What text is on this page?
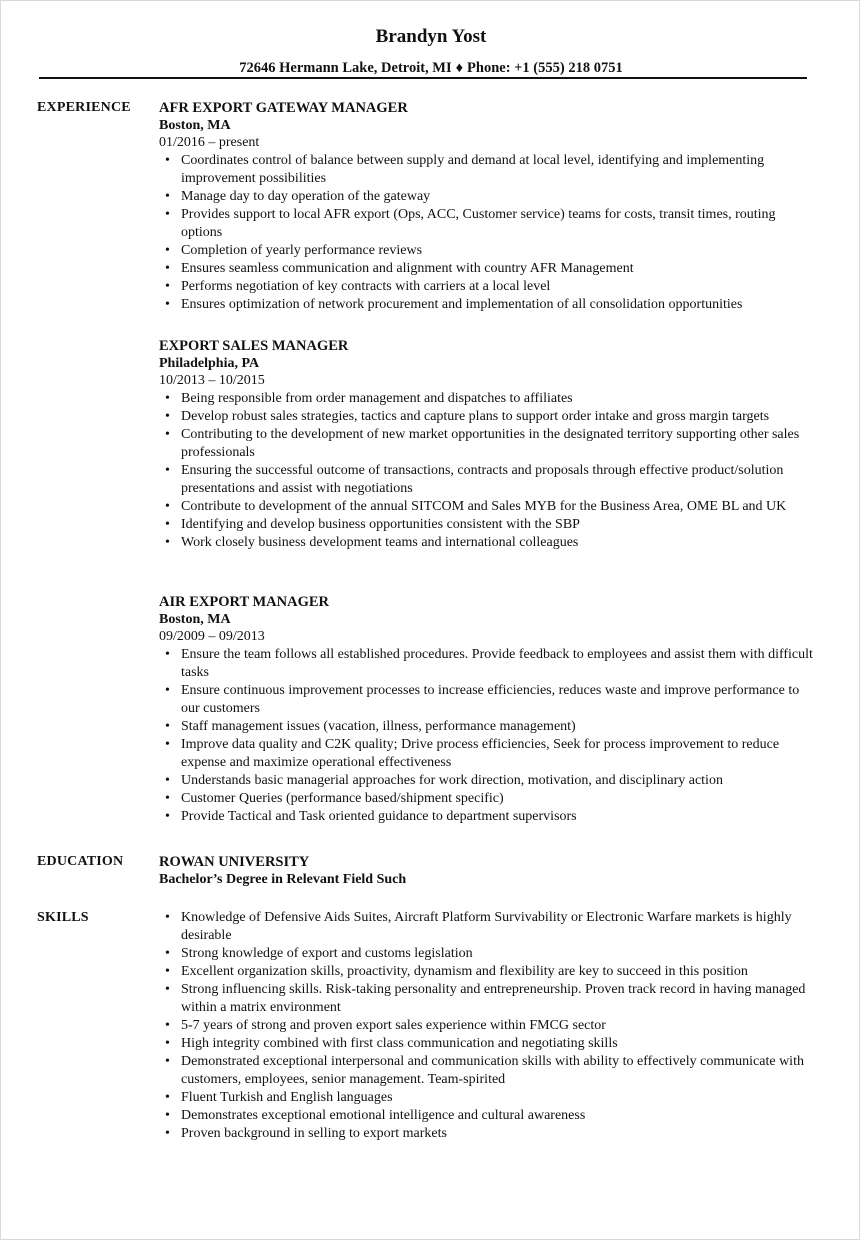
Brandyn Yost
72646 Hermann Lake, Detroit, MI ♦ Phone: +1 (555) 218 0751
EXPERIENCE AFR EXPORT GATEWAY MANAGER
Boston, MA
01/2016 – present
• Coordinates control of balance between supply and demand at local level, identifying and implementing improvement possibilities
• Manage day to day operation of the gateway
• Provides support to local AFR export (Ops, ACC, Customer service) teams for costs, transit times, routing options
• Completion of yearly performance reviews
• Ensures seamless communication and alignment with country AFR Management
• Performs negotiation of key contracts with carriers at a local level
• Ensures optimization of network procurement and implementation of all consolidation opportunities
EXPORT SALES MANAGER
Philadelphia, PA
10/2013 – 10/2015
• Being responsible from order management and dispatches to affiliates
• Develop robust sales strategies, tactics and capture plans to support order intake and gross margin targets
• Contributing to the development of new market opportunities in the designated territory supporting other sales professionals
• Ensuring the successful outcome of transactions, contracts and proposals through effective product/solution presentations and assist with negotiations
• Contribute to development of the annual SITCOM and Sales MYB for the Business Area, OME BL and UK
• Identifying and develop business opportunities consistent with the SBP
• Work closely business development teams and international colleagues
AIR EXPORT MANAGER
Boston, MA
09/2009 – 09/2013
• Ensure the team follows all established procedures. Provide feedback to employees and assist them with difficult tasks
• Ensure continuous improvement processes to increase efficiencies, reduces waste and improve performance to our customers
• Staff management issues (vacation, illness, performance management)
• Improve data quality and C2K quality; Drive process efficiencies, Seek for process improvement to reduce expense and maximize operational effectiveness
• Understands basic managerial approaches for work direction, motivation, and disciplinary action
• Customer Queries (performance based/shipment specific)
• Provide Tactical and Task oriented guidance to department supervisors
EDUCATION ROWAN UNIVERSITY
Bachelor’s Degree in Relevant Field Such
SKILLS	• Knowledge of Defensive Aids Suites, Aircraft Platform Survivability or Electronic Warfare markets is highly desirable
• Strong knowledge of export and customs legislation
• Excellent organization skills, proactivity, dynamism and flexibility are key to succeed in this position
• Strong influencing skills. Risk-taking personality and entrepreneurship. Proven track record in having managed within a matrix environment
• 5-7 years of strong and proven export sales experience within FMCG sector
• High integrity combined with first class communication and negotiating skills
• Demonstrated exceptional interpersonal and communication skills with ability to effectively communicate with customers, employees, senior management. Team-spirited
• Fluent Turkish and English languages
• Demonstrates exceptional emotional intelligence and cultural awareness
• Proven background in selling to export markets
